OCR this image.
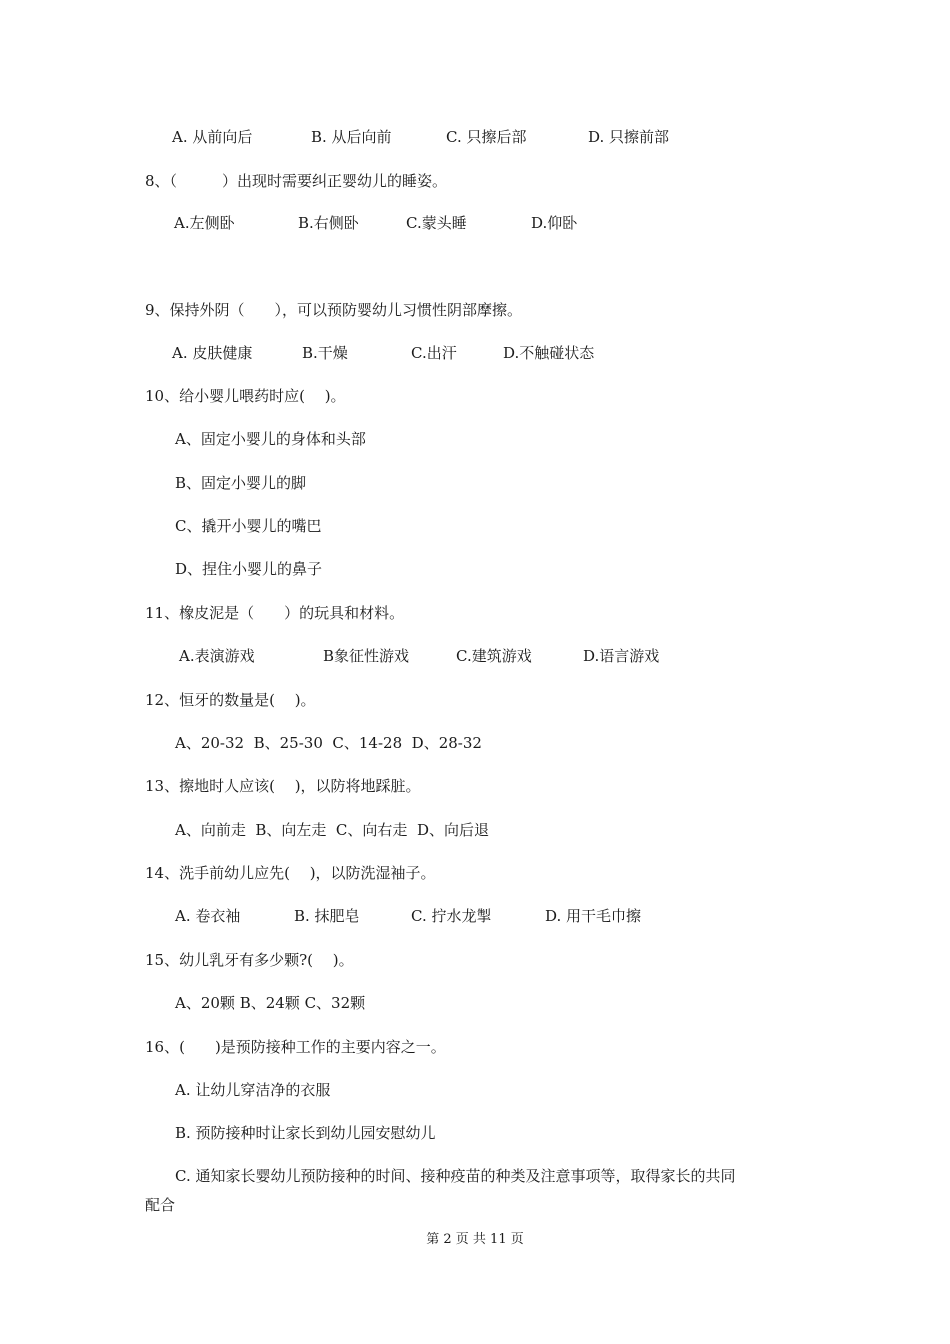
A. 从前向后	B. 从后向前	C. 只擦后部	D. 只擦前部
8、（　　　）出现时需要纠正婴幼儿的睡姿。
A.左侧卧	B.右侧卧	C.蒙头睡	D.仰卧
9、保持外阴（　　），可以预防婴幼儿习惯性阴部摩擦。
A. 皮肤健康	B.干燥	C.出汗	D.不触碰状态
10、给小婴儿喂药时应(　 )。
A、固定小婴儿的身体和头部
B、固定小婴儿的脚
C、撬开小婴儿的嘴巴
D、捏住小婴儿的鼻子
11、橡皮泥是（　　）的玩具和材料。
A.表演游戏	B象征性游戏	C.建筑游戏	D.语言游戏
12、恒牙的数量是(　 )。
A、20-32  B、25-30  C、14-28  D、28-32
13、擦地时人应该(　 )，以防将地踩脏。
A、向前走  B、向左走  C、向右走  D、向后退
14、洗手前幼儿应先(　 )，以防洗湿袖子。
A. 卷衣袖	B. 抹肥皂	C. 拧水龙掣	D. 用干毛巾擦
15、幼儿乳牙有多少颗?(　 )。
A、20颗 B、24颗 C、32颗
16、(　　)是预防接种工作的主要内容之一。
A. 让幼儿穿洁净的衣服
B. 预防接种时让家长到幼儿园安慰幼儿
C. 通知家长婴幼儿预防接种的时间、接种疫苗的种类及注意事项等，取得家长的共同
配合
第 2 页 共 11 页
